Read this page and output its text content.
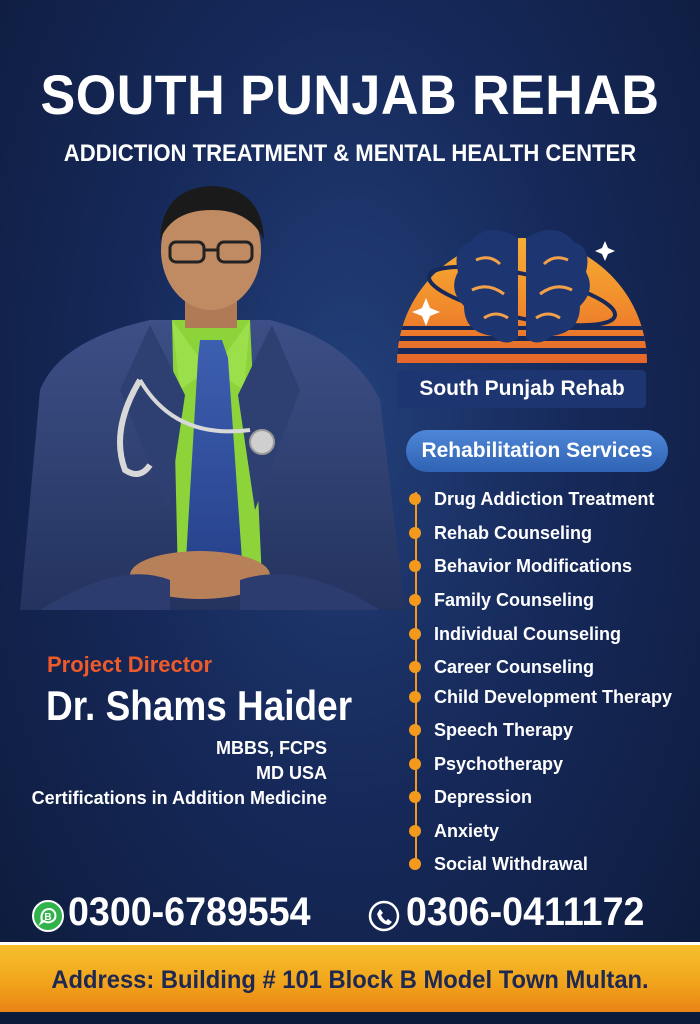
SOUTH PUNJAB REHAB
ADDICTION TREATMENT & MENTAL HEALTH CENTER
South Punjab Rehab
Rehabilitation Services
Drug Addiction Treatment
Rehab Counseling
Behavior Modifications
Family Counseling
Individual Counseling
Career Counseling
Child Development Therapy
Speech Therapy
Psychotherapy
Depression
Anxiety
Social Withdrawal
Project Director
Dr. Shams Haider
MBBS, FCPS
MD USA
Certifications in Addition Medicine
B 0300-6789554 0306-0411172
Address: Building # 101 Block B Model Town Multan.
